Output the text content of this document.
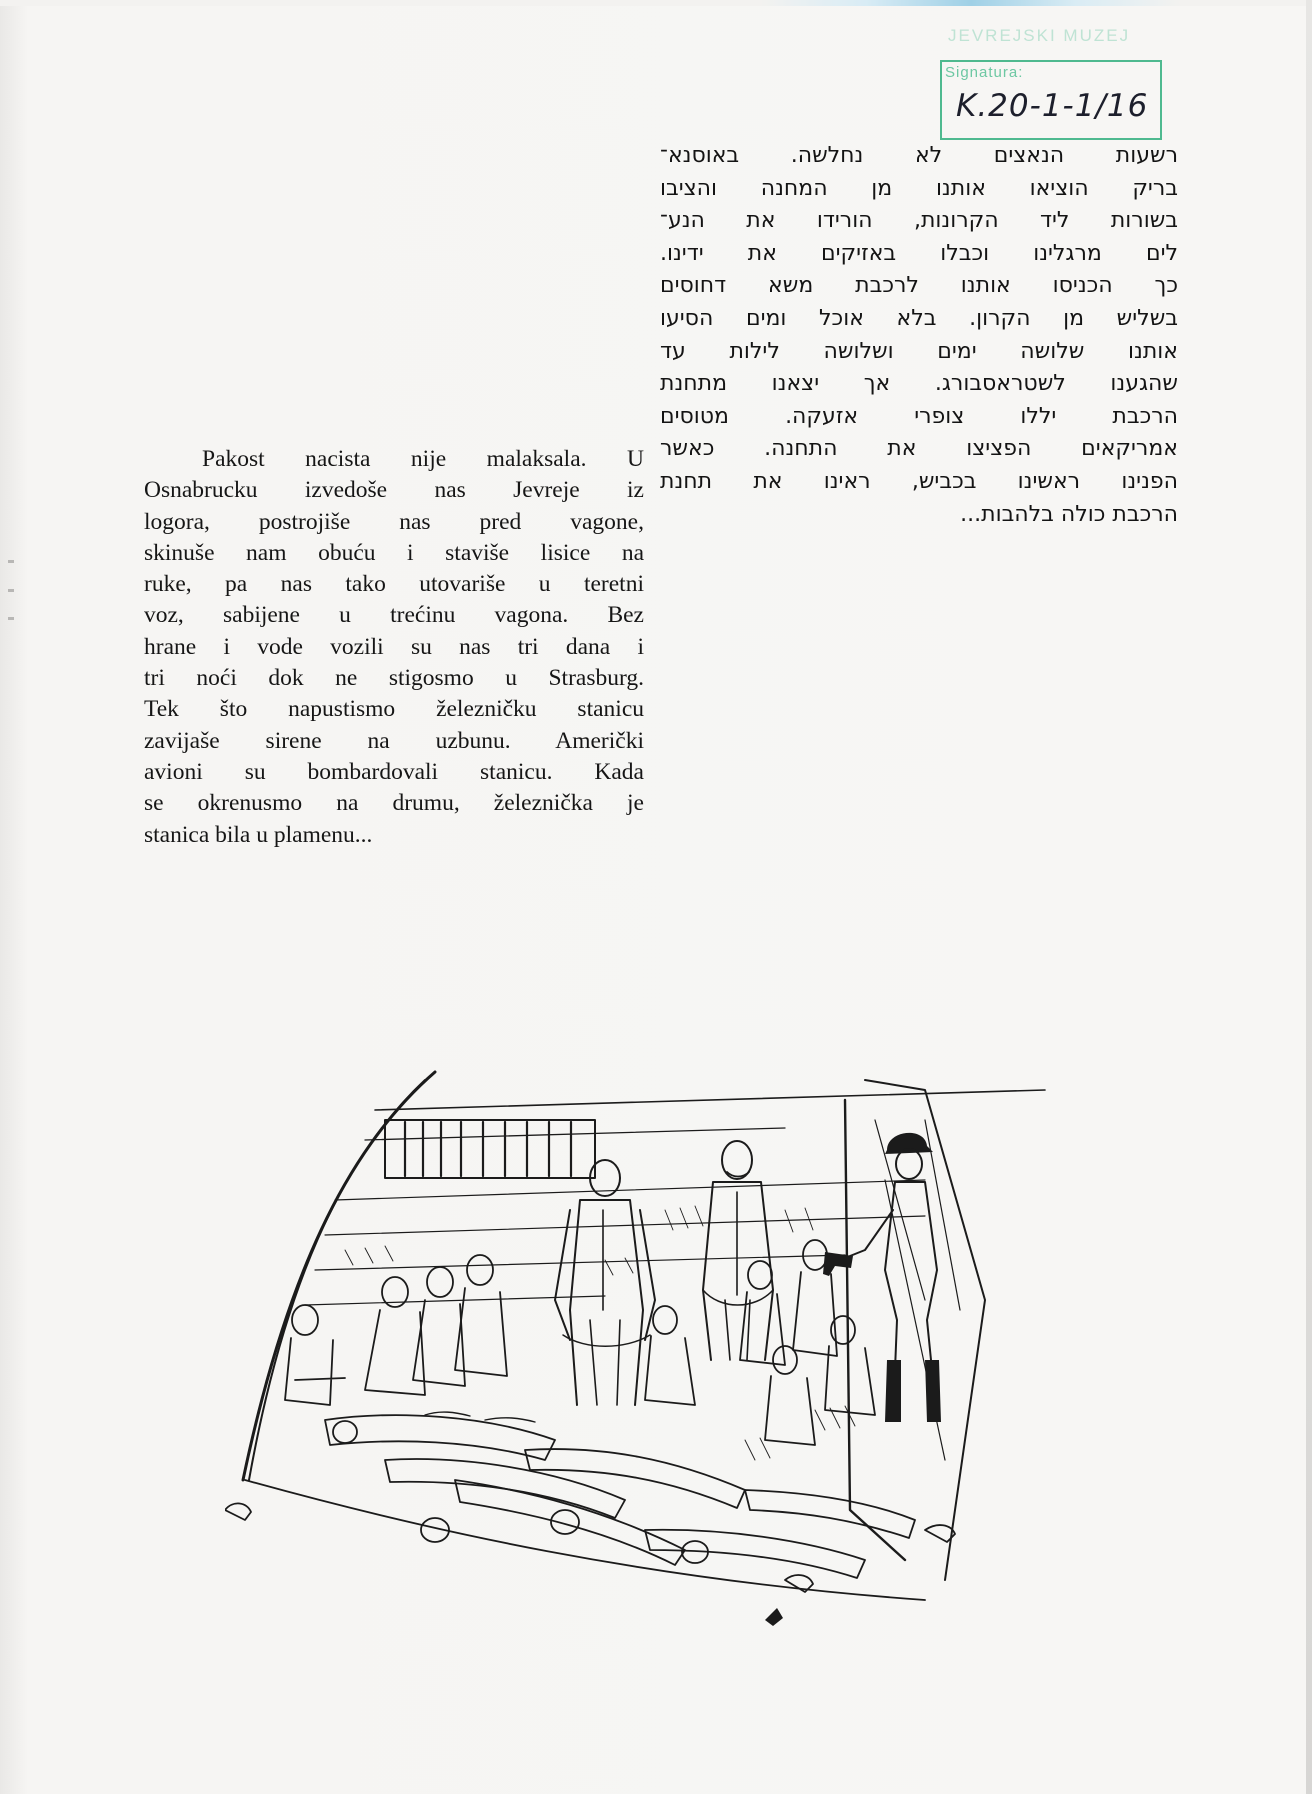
JEVREJSKI MUZEJ
Signatura:
K.20-1-1/16
רשעות הנאצים לא נחלשה. באוסנא־
בריק הוציאו אותנו מן המחנה והציבו
בשורות ליד הקרונות, הורידו את הנע־
לים מרגלינו וכבלו באזיקים את ידינו.
כך הכניסו אותנו לרכבת משא דחוסים
בשליש מן הקרון. בלא אוכל ומים הסיעו
אותנו שלושה ימים ושלושה לילות עד
שהגענו לשטראסבורג. אך יצאנו מתחנת
הרכבת יללו צופרי אזעקה. מטוסים
אמריקאים הפציצו את התחנה. כאשר
הפנינו ראשינו בכביש, ראינו את תחנת
הרכבת כולה בלהבות...
Pakost nacista nije malaksala. U
Osnabrucku izvedoše nas Jevreje iz
logora, postrojiše nas pred vagone,
skinuše nam obuću i staviše lisice na
ruke, pa nas tako utovariše u teretni
voz, sabijene u trećinu vagona. Bez
hrane i vode vozili su nas tri dana i
tri noći dok ne stigosmo u Strasburg.
Tek što napustismo železničku stanicu
zavijaše sirene na uzbunu. Američki
avioni su bombardovali stanicu. Kada
se okrenusmo na drumu, železnička je
stanica bila u plamenu...
